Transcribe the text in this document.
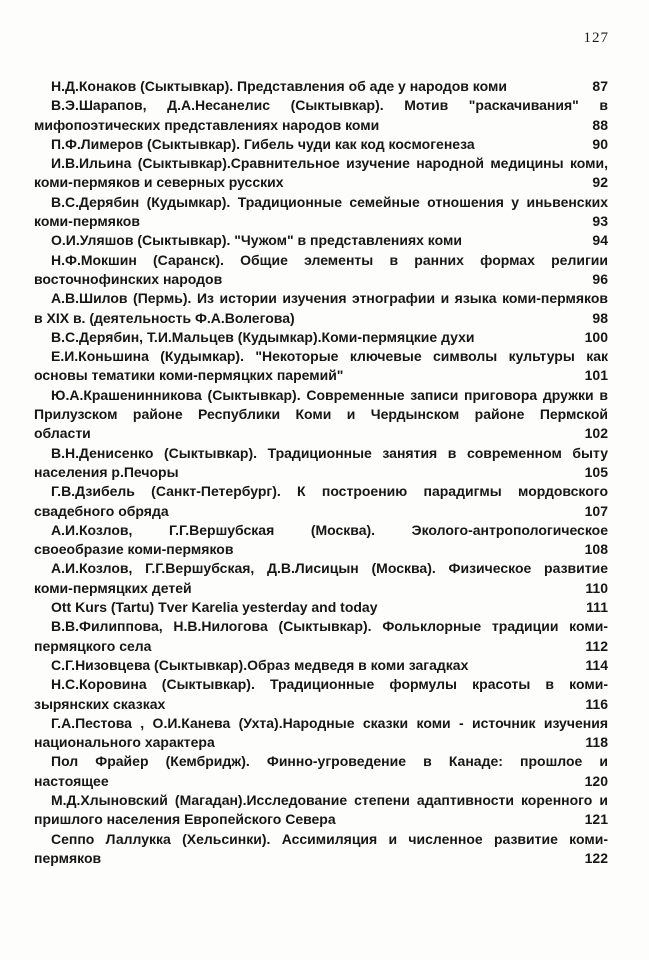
127
Н.Д.Конаков (Сыктывкар). Представления об аде у народов коми	87
В.Э.Шарапов, Д.А.Несанелис (Сыктывкар). Мотив "раскачивания" в
мифопоэтических представлениях народов коми	88
П.Ф.Лимеров (Сыктывкар). Гибель чуди как код космогенеза	90
И.В.Ильина (Сыктывкар).Сравнительное изучение народной медицины коми,
коми-пермяков и северных русских	92
В.С.Дерябин (Кудымкар). Традиционные семейные отношения у иньвенских
коми-пермяков	93
О.И.Уляшов (Сыктывкар). "Чужом" в представлениях коми	94
Н.Ф.Мокшин (Саранск). Общие элементы в ранних формах религии
восточнофинских народов	96
А.В.Шилов (Пермь). Из истории изучения этнографии и языка коми-пермяков
в XIX в. (деятельность Ф.А.Волегова)	98
В.С.Дерябин, Т.И.Мальцев (Кудымкар).Коми-пермяцкие духи	100
Е.И.Коньшина (Кудымкар). "Некоторые ключевые символы культуры как
основы тематики коми-пермяцких паремий"	101
Ю.А.Крашенинникова (Сыктывкар). Современные записи приговора дружки в
Прилузском районе Республики Коми и Чердынском районе Пермской
области	102
В.Н.Денисенко (Сыктывкар). Традиционные занятия в современном быту
населения р.Печоры	105
Г.В.Дзибель (Санкт-Петербург). К построению парадигмы мордовского
свадебного обряда	107
А.И.Козлов, Г.Г.Вершубская (Москва). Эколого-антропологическое
своеобразие коми-пермяков	108
А.И.Козлов, Г.Г.Вершубская, Д.В.Лисицын (Москва). Физическое развитие
коми-пермяцких детей	110
Ott Kurs (Tartu) Tver Karelia yesterday and today	111
В.В.Филиппова, Н.В.Нилогова (Сыктывкар). Фольклорные традиции коми-
пермяцкого села	112
С.Г.Низовцева (Сыктывкар).Образ медведя в коми загадках	114
Н.С.Коровина (Сыктывкар). Традиционные формулы красоты в коми-
зырянских сказках	116
Г.А.Пестова , О.И.Канева (Ухта).Народные сказки коми - источник изучения
национального характера	118
Пол Фрайер (Кембридж). Финно-угроведение в Канаде: прошлое и
настоящее	120
М.Д.Хлыновский (Магадан).Исследование степени адаптивности коренного и
пришлого населения Европейского Севера	121
Сеппо Лаллукка (Хельсинки). Ассимиляция и численное развитие коми-
пермяков	122
